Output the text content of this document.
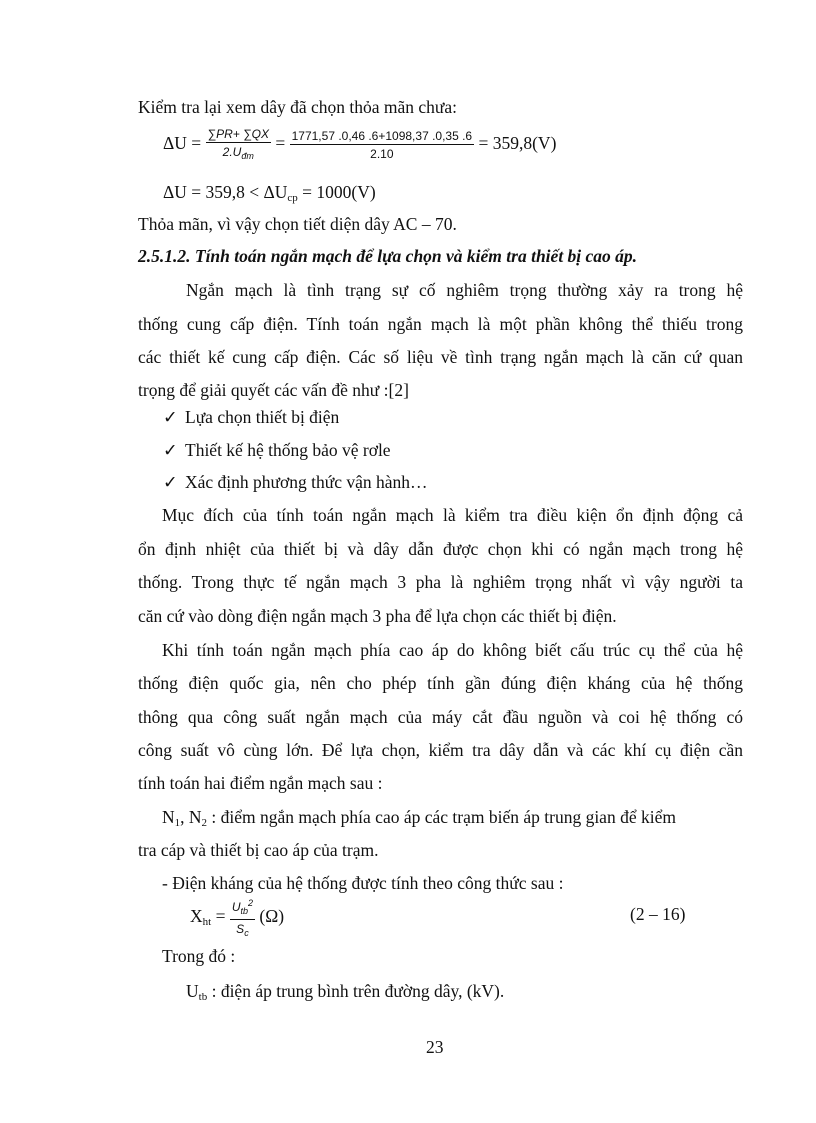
Kiểm tra lại xem dây đã chọn thỏa mãn chưa:
$\Delta U = \frac{\sum PR+ \sum QX}{2.U_{đm}} = \frac{1771,57 .0,46 .6+1098,37 .0,35 .6}{2.10} = 359,8(V)$
$\Delta U = 359,8 < \Delta U_{cp} = 1000(V)$
Thỏa mãn, vì vậy chọn tiết diện dây AC – 70.
2.5.1.2. Tính toán ngắn mạch để lựa chọn và kiểm tra thiết bị cao áp.
Ngắn mạch là tình trạng sự cố nghiêm trọng thường xảy ra trong hệ
thống cung cấp điện. Tính toán ngắn mạch là một phần không thể thiếu trong
các thiết kế cung cấp điện. Các số liệu về tình trạng ngắn mạch là căn cứ quan
trọng để giải quyết các vấn đề như :[2]
✓ Lựa chọn thiết bị điện
✓ Thiết kế hệ thống bảo vệ rơle
✓ Xác định phương thức vận hành…
Mục đích của tính toán ngắn mạch là kiểm tra điều kiện ổn định động cả
ổn định nhiệt của thiết bị và dây dẫn được chọn khi có ngắn mạch trong hệ
thống. Trong thực tế ngắn mạch 3 pha là nghiêm trọng nhất vì vậy người ta
căn cứ vào dòng điện ngắn mạch 3 pha để lựa chọn các thiết bị điện.
Khi tính toán ngắn mạch phía cao áp do không biết cấu trúc cụ thể của hệ
thống điện quốc gia, nên cho phép tính gần đúng điện kháng của hệ thống
thông qua công suất ngắn mạch của máy cắt đầu nguồn và coi hệ thống có
công suất vô cùng lớn. Để lựa chọn, kiểm tra dây dẫn và các khí cụ điện cần
tính toán hai điểm ngắn mạch sau :
$N_1$, $N_2$ : điểm ngắn mạch phía cao áp các trạm biến áp trung gian để kiểm
tra cáp và thiết bị cao áp của trạm.
- Điện kháng của hệ thống được tính theo công thức sau :
$X_{ht} = \frac{U_{tb}^2}{S_c} (\Omega)$	(2 – 16)
Trong đó :
$U_{tb}$ : điện áp trung bình trên đường dây, (kV).
23
